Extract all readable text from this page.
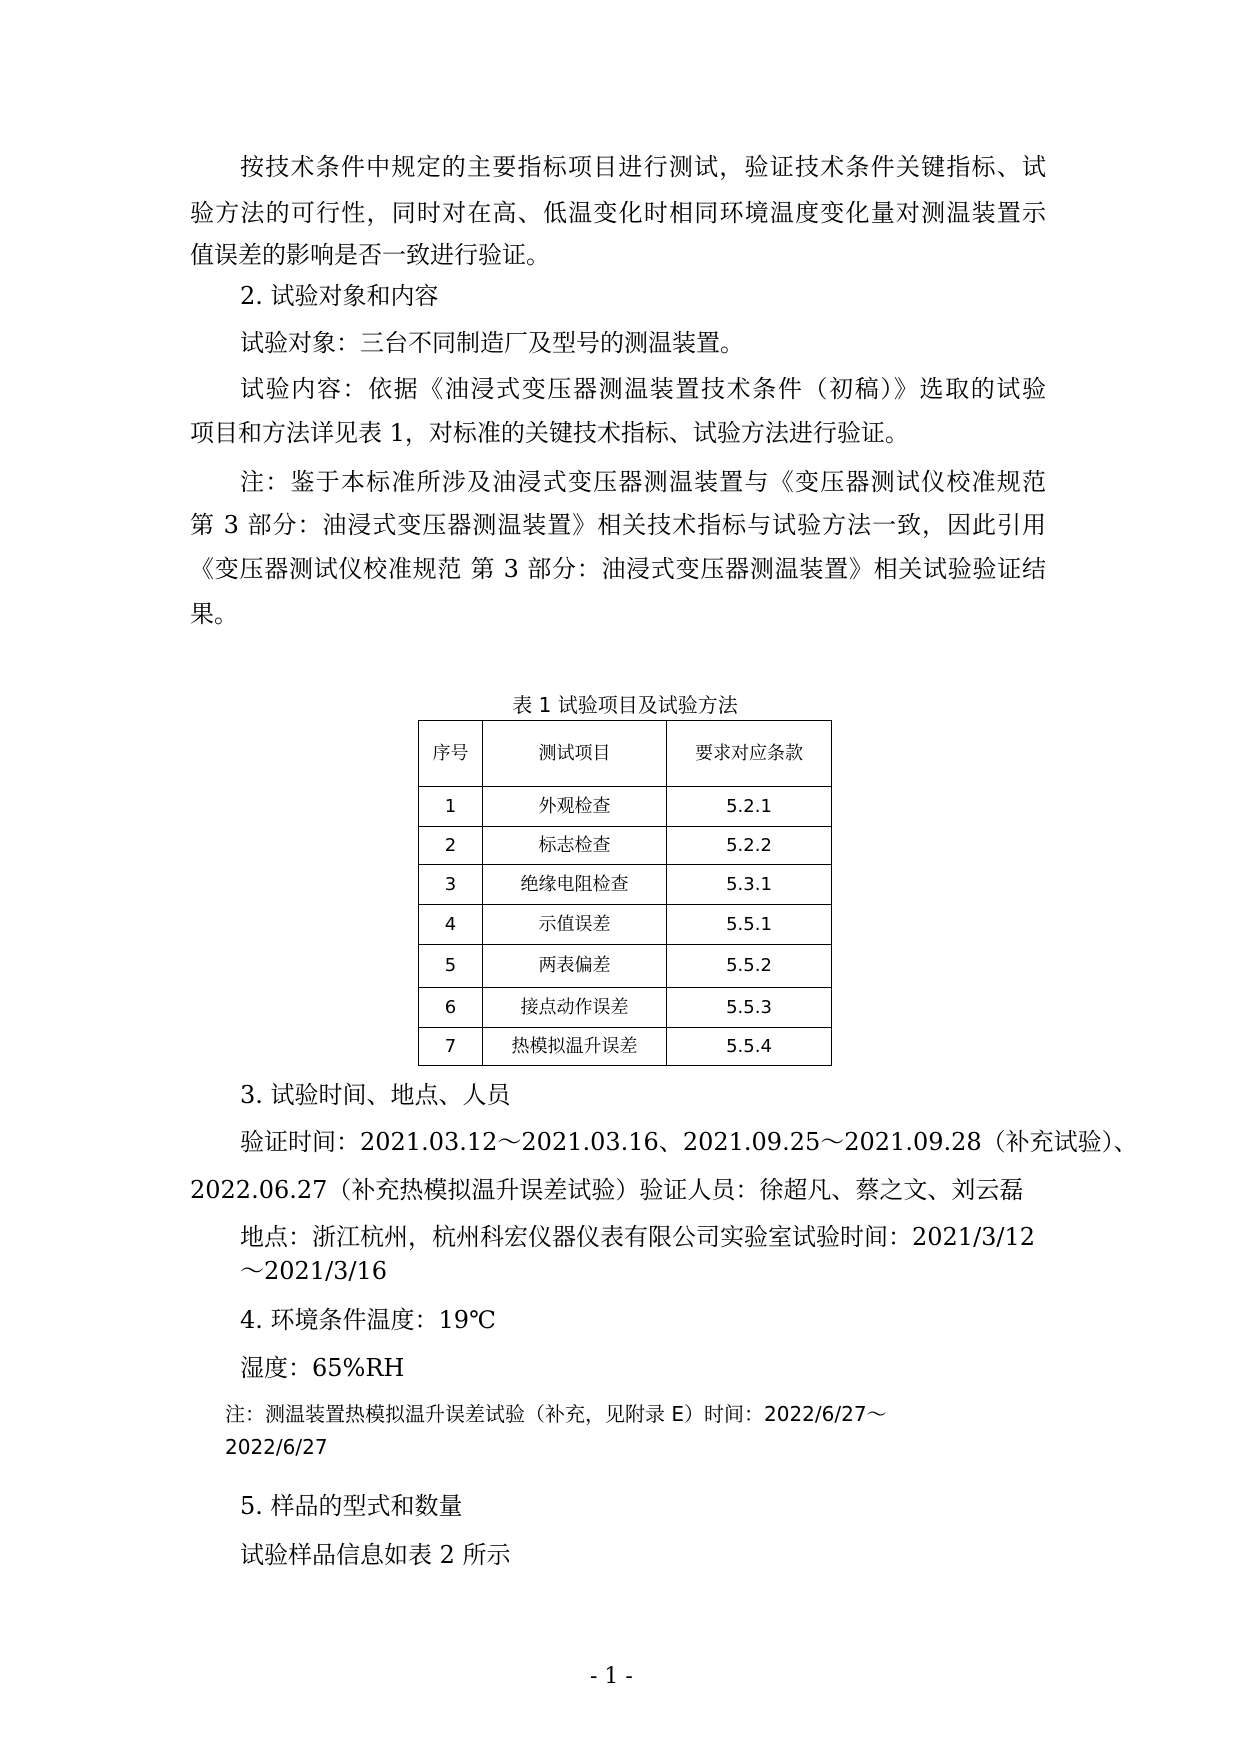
按技术条件中规定的主要指标项目进行测试，验证技术条件关键指标、试
验方法的可行性，同时对在高、低温变化时相同环境温度变化量对测温装置示
值误差的影响是否一致进行验证。
2. 试验对象和内容
试验对象：三台不同制造厂及型号的测温装置。
试验内容：依据《油浸式变压器测温装置技术条件（初稿）》选取的试验
项目和方法详见表 1，对标准的关键技术指标、试验方法进行验证。
注：鉴于本标准所涉及油浸式变压器测温装置与《变压器测试仪校准规范
第 3 部分：油浸式变压器测温装置》相关技术指标与试验方法一致，因此引用
《变压器测试仪校准规范 第 3 部分：油浸式变压器测温装置》相关试验验证结
果。
表 1 试验项目及试验方法
序号	测试项目	要求对应条款
1	外观检查	5.2.1
2	标志检查	5.2.2
3	绝缘电阻检查	5.3.1
4	示值误差	5.5.1
5	两表偏差	5.5.2
6	接点动作误差	5.5.3
7	热模拟温升误差	5.5.4
3. 试验时间、地点、人员
验证时间：2021.03.12～2021.03.16、2021.09.25～2021.09.28（补充试验）、
2022.06.27（补充热模拟温升误差试验）验证人员：徐超凡、蔡之文、刘云磊
地点：浙江杭州，杭州科宏仪器仪表有限公司实验室试验时间：2021/3/12
～2021/3/16
4. 环境条件温度：19℃
湿度：65%RH
注：测温装置热模拟温升误差试验（补充，见附录 E）时间：2022/6/27～
2022/6/27
5. 样品的型式和数量
试验样品信息如表 2 所示
- 1 -
